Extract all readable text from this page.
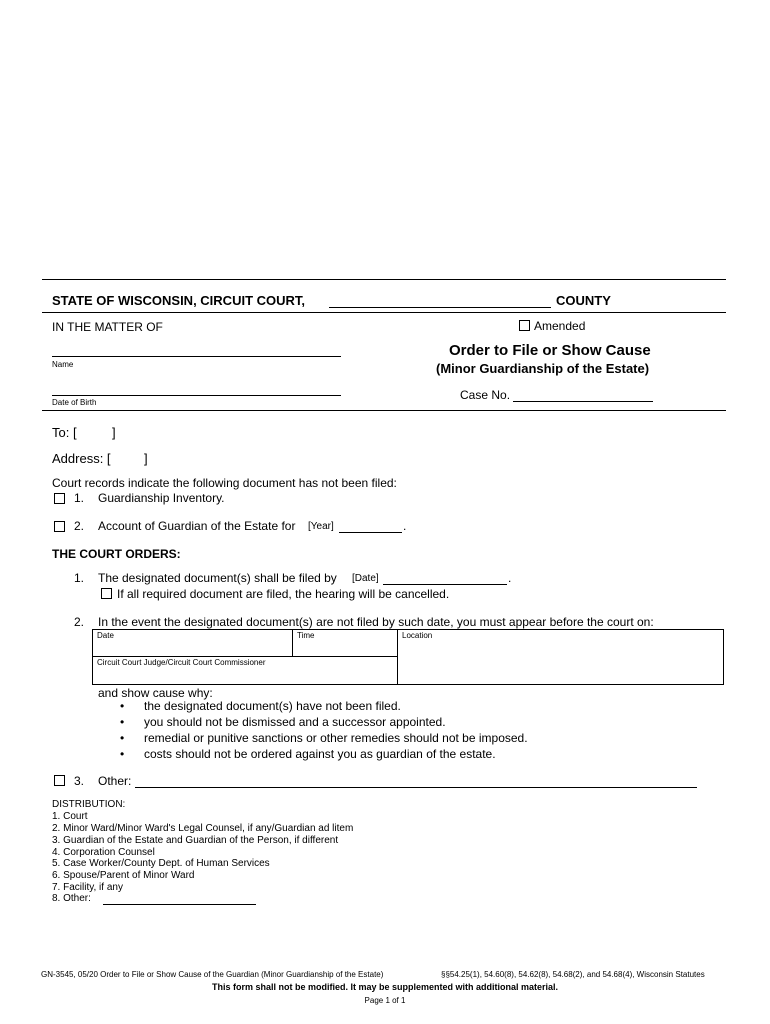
STATE OF WISCONSIN, CIRCUIT COURT,	COUNTY
IN THE MATTER OF
Name
Date of Birth
Amended
Order to File or Show Cause
(Minor Guardianship of the Estate)
Case No.
To: [	]
Address: [	]
Court records indicate the following document has not been filed:
1. Guardianship Inventory.
2. Account of Guardian of the Estate for [Year]	.
THE COURT ORDERS:
1. The designated document(s) shall be filed by [Date]	.
If all required document are filed, the hearing will be cancelled.
2. In the event the designated document(s) are not filed by such date, you must appear before the court on:
Date	Time	Location
Circuit Court Judge/Circuit Court Commissioner
and show cause why:
• the designated document(s) have not been filed.
• you should not be dismissed and a successor appointed.
• remedial or punitive sanctions or other remedies should not be imposed.
• costs should not be ordered against you as guardian of the estate.
3. Other:
DISTRIBUTION:
1. Court
2. Minor Ward/Minor Ward's Legal Counsel, if any/Guardian ad litem
3. Guardian of the Estate and Guardian of the Person, if different
4. Corporation Counsel
5. Case Worker/County Dept. of Human Services
6. Spouse/Parent of Minor Ward
7. Facility, if any
8. Other:
GN-3545, 05/20 Order to File or Show Cause of the Guardian (Minor Guardianship of the Estate)	§§54.25(1), 54.60(8), 54.62(8), 54.68(2), and 54.68(4), Wisconsin Statutes
This form shall not be modified. It may be supplemented with additional material.
Page 1 of 1
